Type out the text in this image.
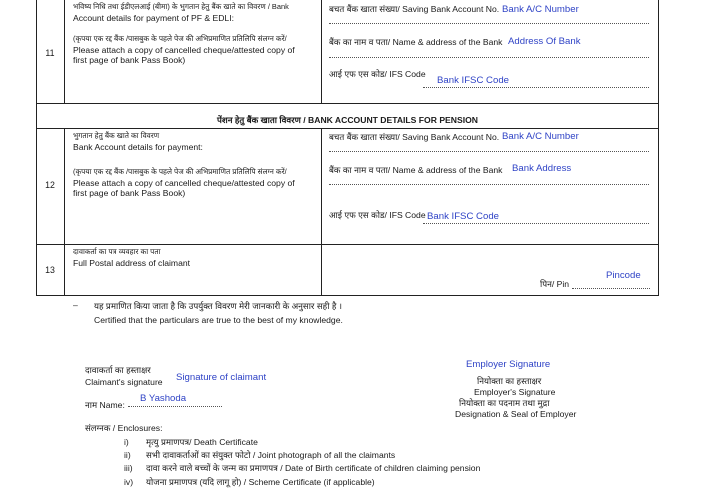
11
भविष्य निधि तथा ईडीएलआई (बीमा) के भुगतान हेतु बैंक खाते का विवरण / Bank
Account details for payment of PF & EDLI:
(कृपया एक रद्द बैंक /पासबुक के पहले पेज की अभिप्रमाणित प्रतिलिपि संलग्न करें/
Please attach a copy of cancelled cheque/attested copy of
first page of bank Pass Book)
बचत बैंक खाता संख्या/ Saving Bank Account No. Bank A/C Number
बैंक का नाम व पता/ Name & address of the Bank Address Of Bank
आई एफ एस कोड/ IFS Code
Bank IFSC Code
पेंशन हेतु बैंक खाता विवरण / BANK ACCOUNT DETAILS FOR PENSION
12
भुगतान हेतु बैंक खाते का विवरण
Bank Account details for payment:
(कृपया एक रद्द बैंक /पासबुक के पहले पेज की अभिप्रमाणित प्रतिलिपि संलग्न करें/
Please attach a copy of cancelled cheque/attested copy of
first page of bank Pass Book)
बचत बैंक खाता संख्या/ Saving Bank Account No. Bank A/C Number
बैंक का नाम व पता/ Name & address of the Bank Bank Address
आई एफ एस कोड/ IFS Code Bank IFSC Code
13
दावाकर्ता का पत्र व्यवहार का पता
Full Postal address of claimant
Pincode
पिन/ Pin
– यह प्रमाणित किया जाता है कि उपर्युक्त विवरण मेरी जानकारी के अनुसार सही है ।
Certified that the particulars are true to the best of my knowledge.
दावाकर्ता का हस्ताक्षर
Claimant's signature Signature of claimant
नाम Name:
B Yashoda
Employer Signature
नियोक्ता का हस्ताक्षर
Employer's Signature
नियोक्ता का पदनाम तथा मुद्रा
Designation & Seal of Employer
संलग्नक / Enclosures:
i) मृत्यु प्रमाणपत्र/ Death Certificate
ii) सभी दावाकर्ताओं का संयुक्त फोटो / Joint photograph of all the claimants
iii) दावा करने वाले बच्चों के जन्म का प्रमाणपत्र / Date of Birth certificate of children claiming pension
iv) योजना प्रमाणपत्र (यदि लागू हो) / Scheme Certificate (if applicable)
